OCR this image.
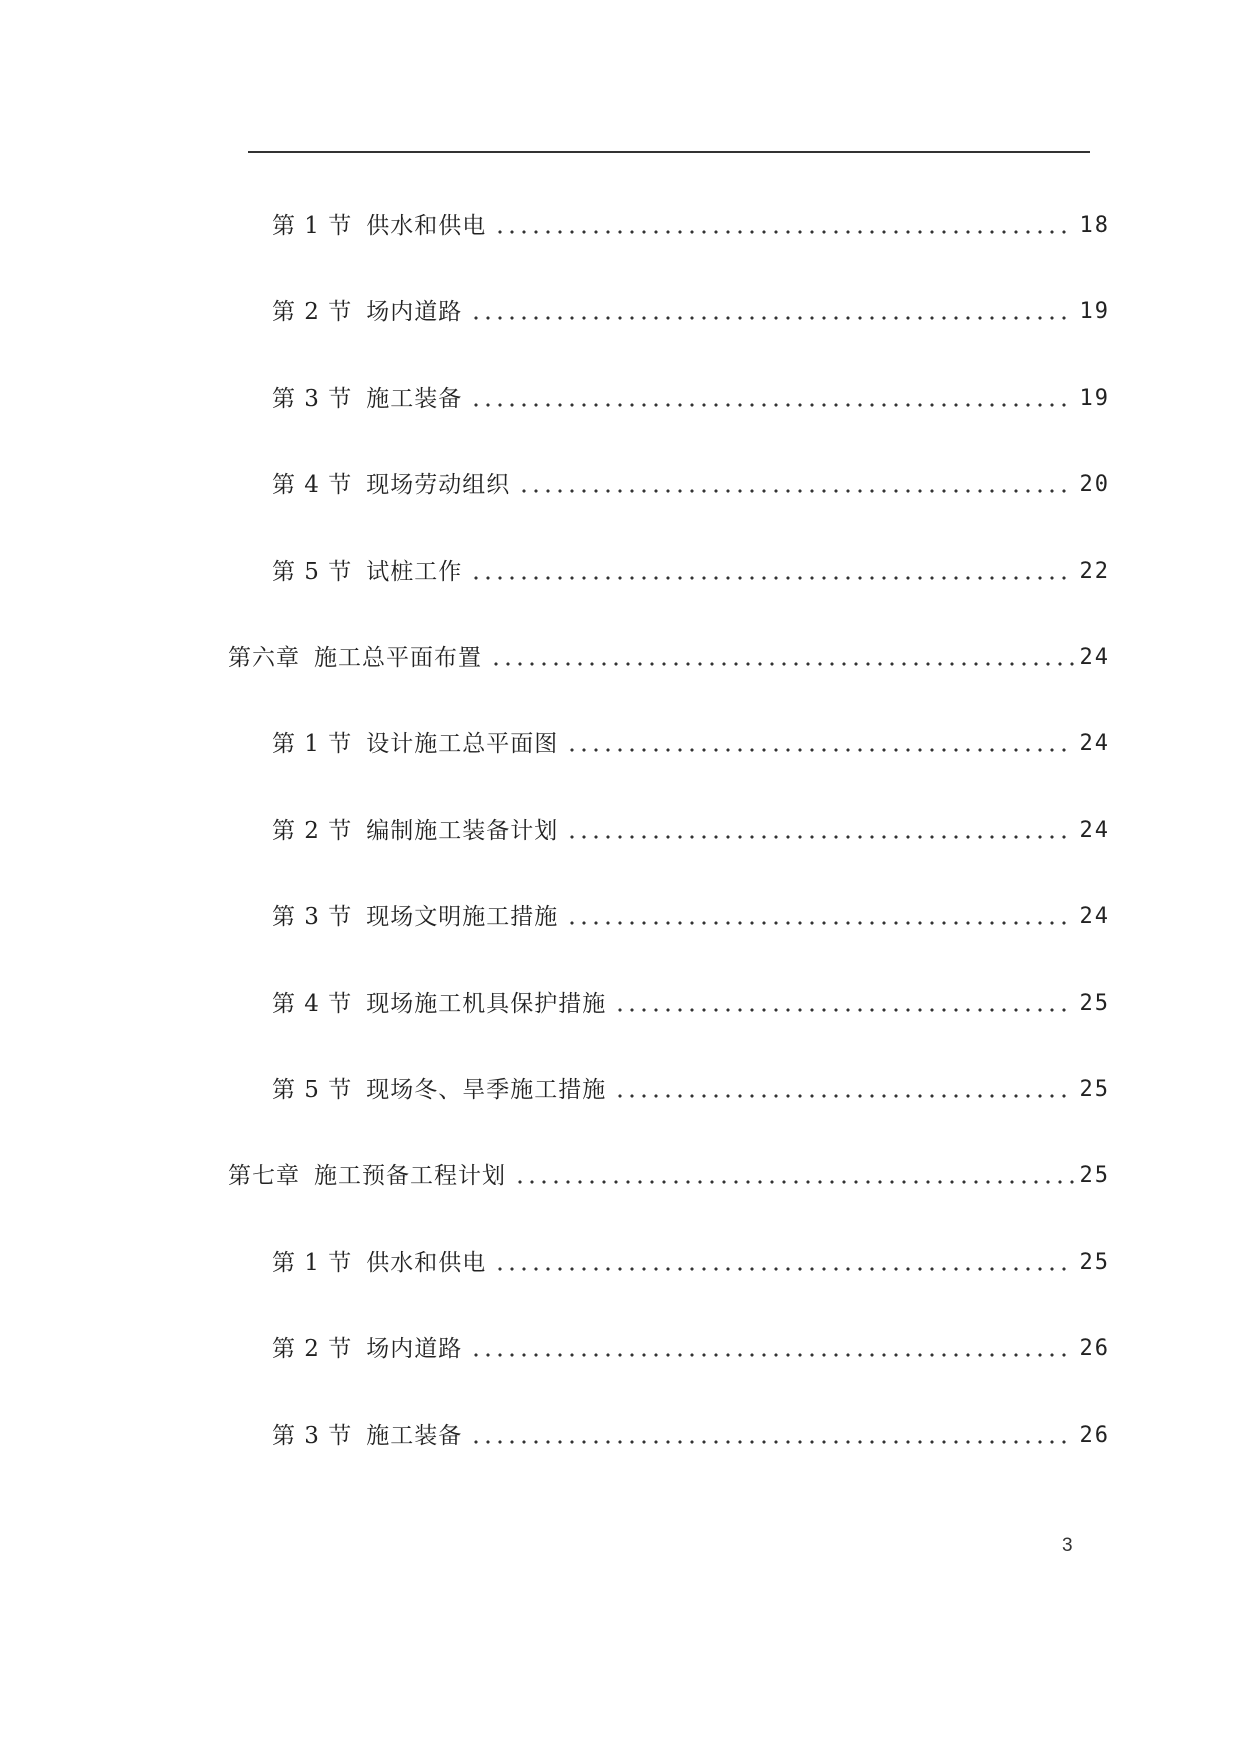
第 1 节 供水和供电	18
第 2 节 场内道路	19
第 3 节 施工装备	19
第 4 节 现场劳动组织	20
第 5 节 试桩工作	22
第六章 施工总平面布置	24
第 1 节 设计施工总平面图	24
第 2 节 编制施工装备计划	24
第 3 节 现场文明施工措施	24
第 4 节 现场施工机具保护措施	25
第 5 节 现场冬、旱季施工措施	25
第七章 施工预备工程计划	25
第 1 节 供水和供电	25
第 2 节 场内道路	26
第 3 节 施工装备	26
3
